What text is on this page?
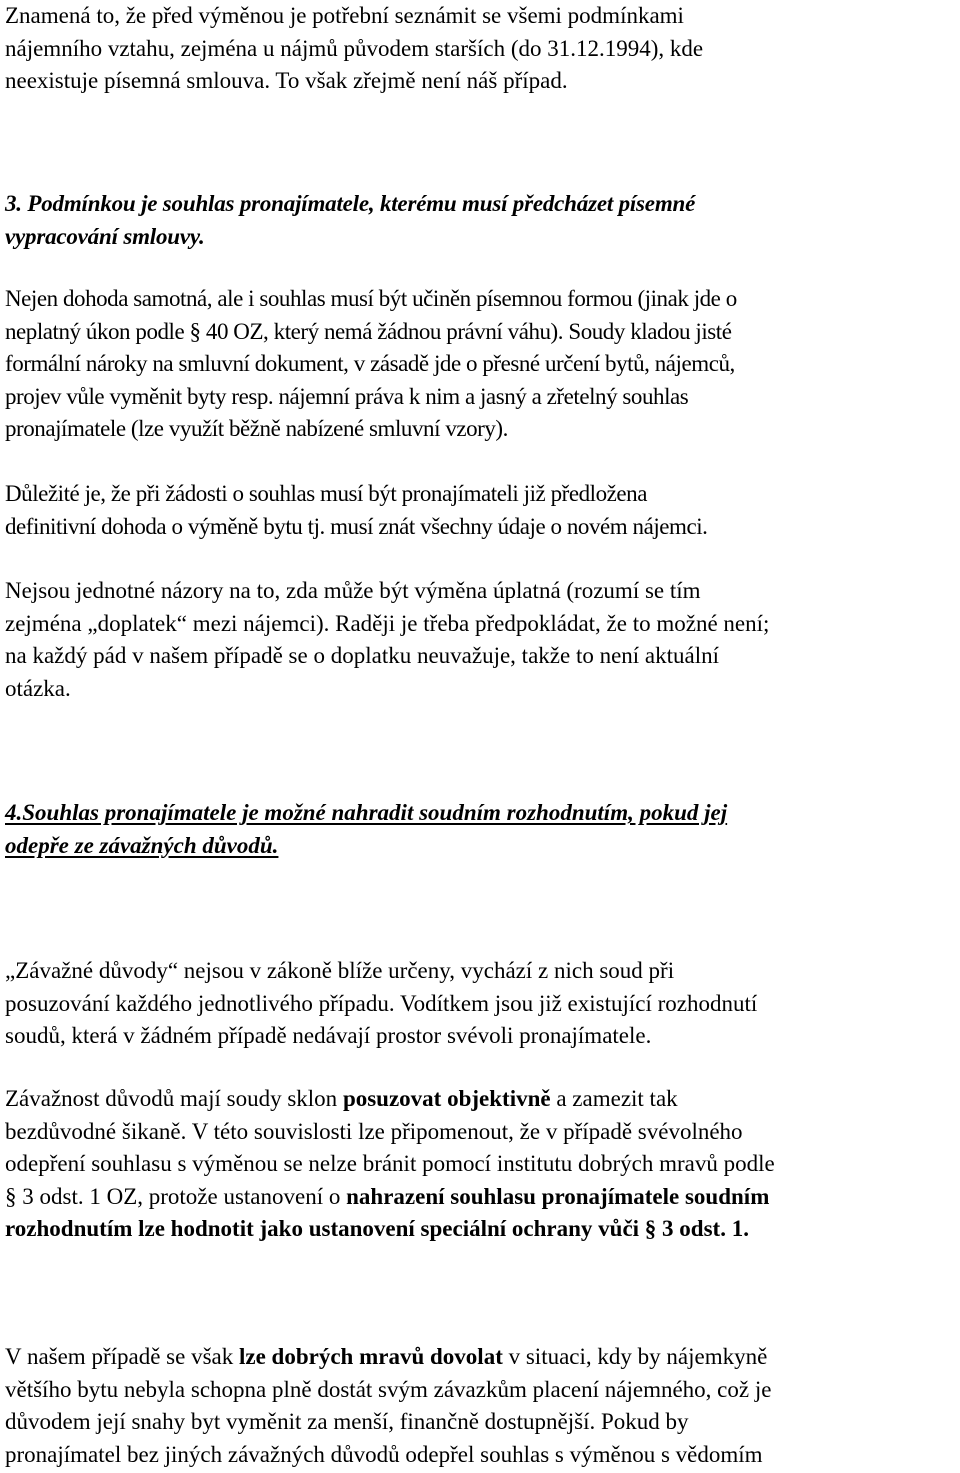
Znamená to, že před výměnou je potřební seznámit se všemi podmínkami
nájemního vztahu, zejména u nájmů původem starších (do 31.12.1994), kde
neexistuje písemná smlouva. To však zřejmě není náš případ.

3. Podmínkou je souhlas pronajímatele, kterému musí předcházet písemné
vypracování smlouvy.

Nejen dohoda samotná, ale i souhlas musí být učiněn písemnou formou (jinak jde o
neplatný úkon podle § 40 OZ, který nemá žádnou právní váhu). Soudy kladou jisté
formální nároky na smluvní dokument, v zásadě jde o přesné určení bytů, nájemců,
projev vůle vyměnit byty resp. nájemní práva k nim a jasný a zřetelný souhlas
pronajímatele (lze využít běžně nabízené smluvní vzory).

Důležité je, že při žádosti o souhlas musí být pronajímateli již předložena
definitivní dohoda o výměně bytu tj. musí znát všechny údaje o novém nájemci.

Nejsou jednotné názory na to, zda může být výměna úplatná (rozumí se tím
zejména „doplatek“ mezi nájemci). Raději je třeba předpokládat, že to možné není;
na každý pád v našem případě se o doplatku neuvažuje, takže to není aktuální
otázka.

4.Souhlas pronajímatele je možné nahradit soudním rozhodnutím, pokud jej
odepře ze závažných důvodů.

„Závažné důvody“ nejsou v zákoně blíže určeny, vychází z nich soud při
posuzování každého jednotlivého případu. Vodítkem jsou již existující rozhodnutí
soudů, která v žádném případě nedávají prostor svévoli pronajímatele.

Závažnost důvodů mají soudy sklon posuzovat objektivně a zamezit tak
bezdůvodné šikaně. V této souvislosti lze připomenout, že v případě svévolného
odepření souhlasu s výměnou se nelze bránit pomocí institutu dobrých mravů podle
§ 3 odst. 1 OZ, protože ustanovení o nahrazení souhlasu pronajímatele soudním
rozhodnutím lze hodnotit jako ustanovení speciální ochrany vůči § 3 odst. 1.

V našem případě se však lze dobrých mravů dovolat v situaci, kdy by nájemkyně
většího bytu nebyla schopna plně dostát svým závazkům placení nájemného, což je
důvodem její snahy byt vyměnit za menší, finančně dostupnější. Pokud by
pronajímatel bez jiných závažných důvodů odepřel souhlas s výměnou s vědomím
